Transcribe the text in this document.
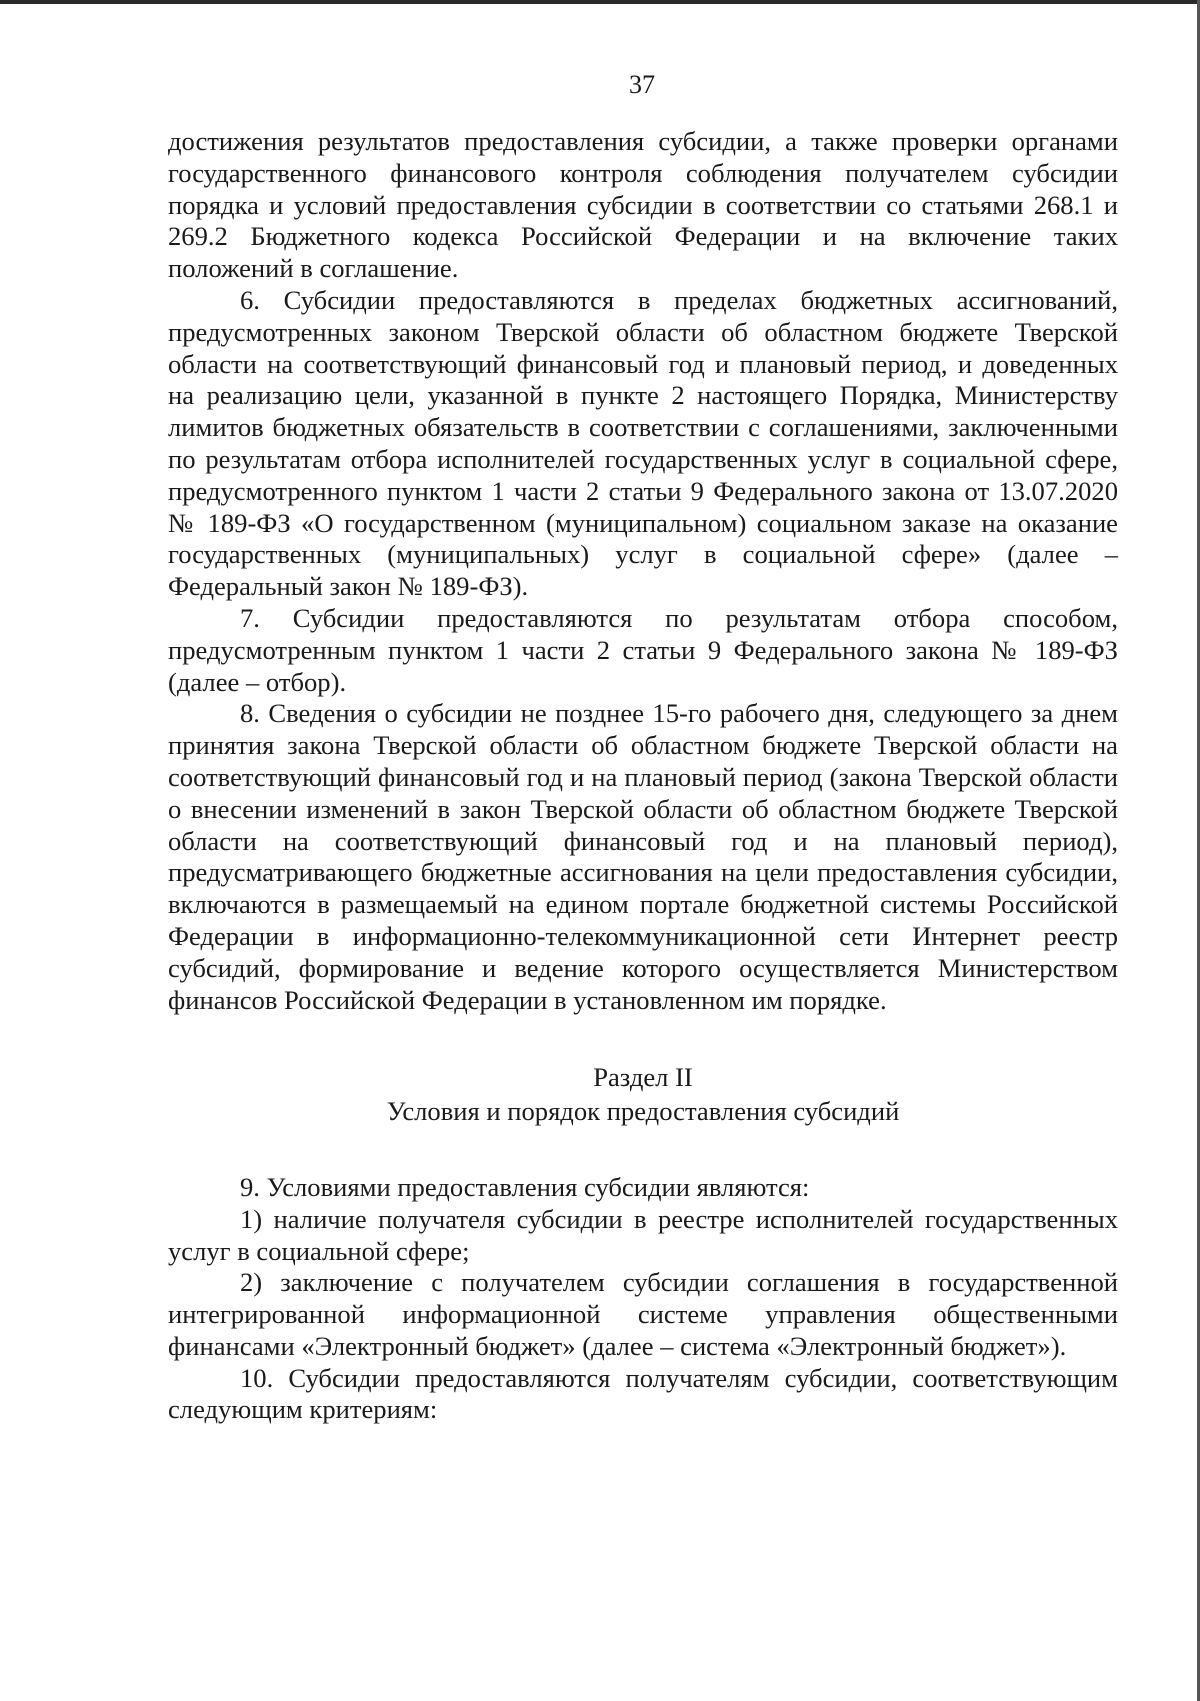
37

достижения результатов предоставления субсидии, а также проверки органами государственного финансового контроля соблюдения получателем субсидии порядка и условий предоставления субсидии в соответствии со статьями 268.1 и 269.2 Бюджетного кодекса Российской Федерации и на включение таких положений в соглашение.

6. Субсидии предоставляются в пределах бюджетных ассигнований, предусмотренных законом Тверской области об областном бюджете Тверской области на соответствующий финансовый год и плановый период, и доведенных на реализацию цели, указанной в пункте 2 настоящего Порядка, Министерству лимитов бюджетных обязательств в соответствии с соглашениями, заключенными по результатам отбора исполнителей государственных услуг в социальной сфере, предусмотренного пунктом 1 части 2 статьи 9 Федерального закона от 13.07.2020 № 189-ФЗ «О государственном (муниципальном) социальном заказе на оказание государственных (муниципальных) услуг в социальной сфере» (далее – Федеральный закон № 189-ФЗ).

7. Субсидии предоставляются по результатам отбора способом, предусмотренным пунктом 1 части 2 статьи 9 Федерального закона № 189-ФЗ (далее – отбор).

8. Сведения о субсидии не позднее 15-го рабочего дня, следующего за днем принятия закона Тверской области об областном бюджете Тверской области на соответствующий финансовый год и на плановый период (закона Тверской области о внесении изменений в закон Тверской области об областном бюджете Тверской области на соответствующий финансовый год и на плановый период), предусматривающего бюджетные ассигнования на цели предоставления субсидии, включаются в размещаемый на едином портале бюджетной системы Российской Федерации в информационно-телекоммуникационной сети Интернет реестр субсидий, формирование и ведение которого осуществляется Министерством финансов Российской Федерации в установленном им порядке.

Раздел II

Условия и порядок предоставления субсидий

9. Условиями предоставления субсидии являются:

1) наличие получателя субсидии в реестре исполнителей государственных услуг в социальной сфере;

2) заключение с получателем субсидии соглашения в государственной интегрированной информационной системе управления общественными финансами «Электронный бюджет» (далее – система «Электронный бюджет»).

10. Субсидии предоставляются получателям субсидии, соответствующим следующим критериям:
